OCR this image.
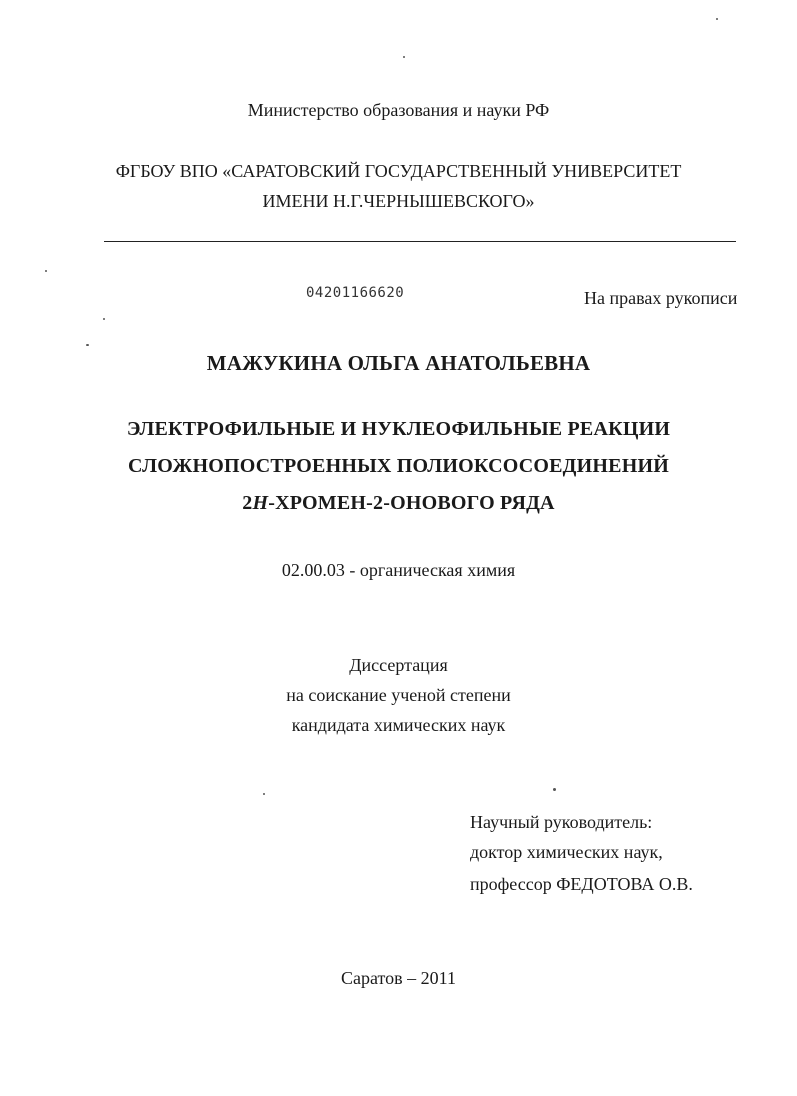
Министерство образования и науки РФ
ФГБОУ ВПО «САРАТОВСКИЙ ГОСУДАРСТВЕННЫЙ УНИВЕРСИТЕТ
ИМЕНИ Н.Г.ЧЕРНЫШЕВСКОГО»
04201166620	На правах рукописи
МАЖУКИНА ОЛЬГА АНАТОЛЬЕВНА
ЭЛЕКТРОФИЛЬНЫЕ И НУКЛЕОФИЛЬНЫЕ РЕАКЦИИ
СЛОЖНОПОСТРОЕННЫХ ПОЛИОКСОСОЕДИНЕНИЙ
2H-ХРОМЕН-2-ОНОВОГО РЯДА
02.00.03 - органическая химия
Диссертация
на соискание ученой степени
кандидата химических наук
Научный руководитель:
доктор химических наук,
профессор ФЕДОТОВА О.В.
Саратов – 2011
